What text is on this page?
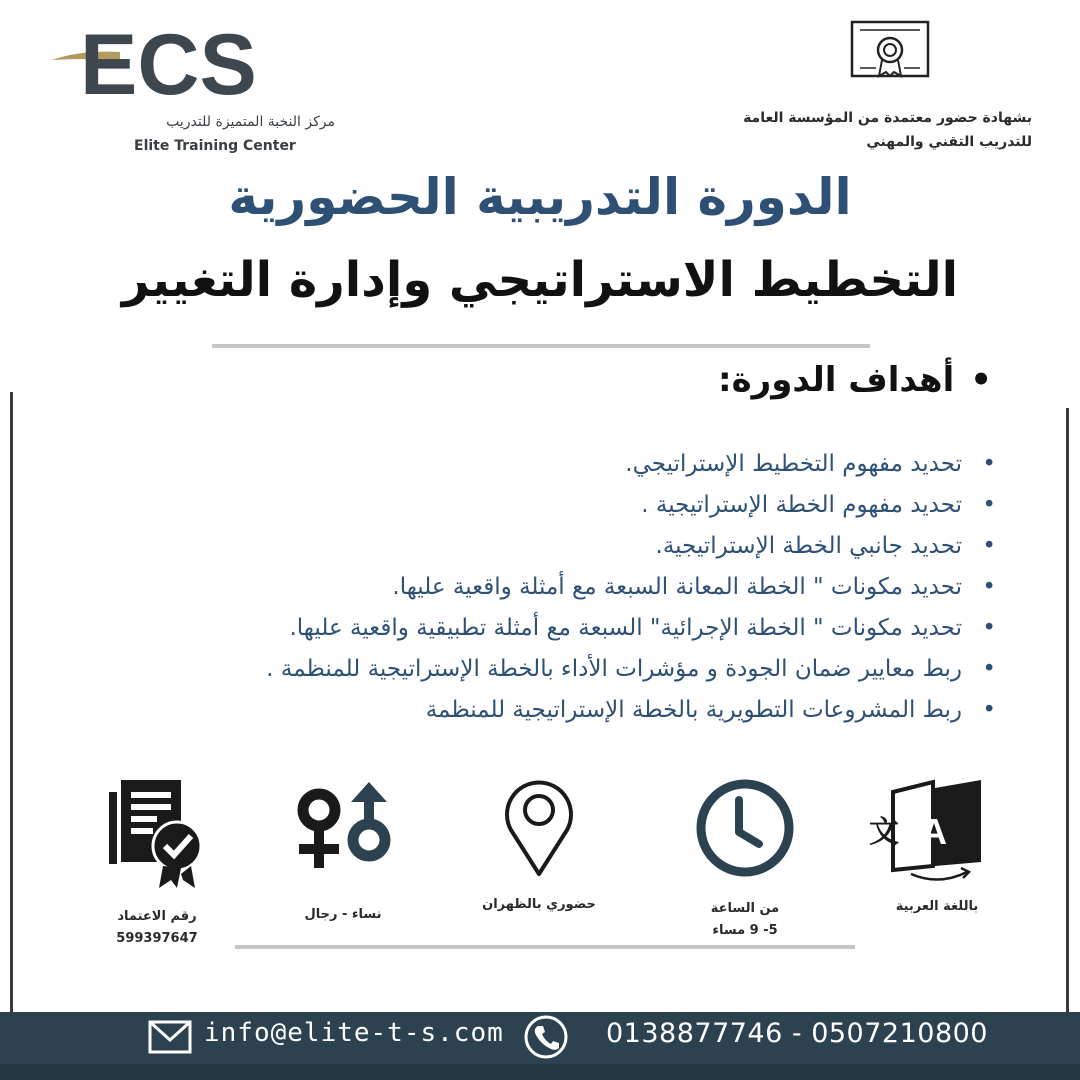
ECS
مركز النخبة المتميزة للتدريب
Elite Training Center
بشهادة حضور معتمدة من المؤسسة العامة للتدريب التقني والمهني
الدورة التدريبية الحضورية
التخطيط الاستراتيجي وإدارة التغيير
• أهداف الدورة:
• تحديد مفهوم التخطيط الإستراتيجي.
• تحديد مفهوم الخطة الإستراتيجية .
• تحديد جانبي الخطة الإستراتيجية.
• تحديد مكونات " الخطة المعانة السبعة مع أمثلة واقعية عليها.
• تحديد مكونات " الخطة الإجرائية" السبعة مع أمثلة تطبيقية واقعية عليها.
• ربط معايير ضمان الجودة و مؤشرات الأداء بالخطة الإستراتيجية للمنظمة .
• ربط المشروعات التطويرية بالخطة الإستراتيجية للمنظمة
A
文
باللغة العربية
من الساعة
5- 9 مساء
حضوري بالظهران
نساء - رجال
رقم الاعتماد
599397647
info@elite-t-s.com	0138877746 - 0507210800
